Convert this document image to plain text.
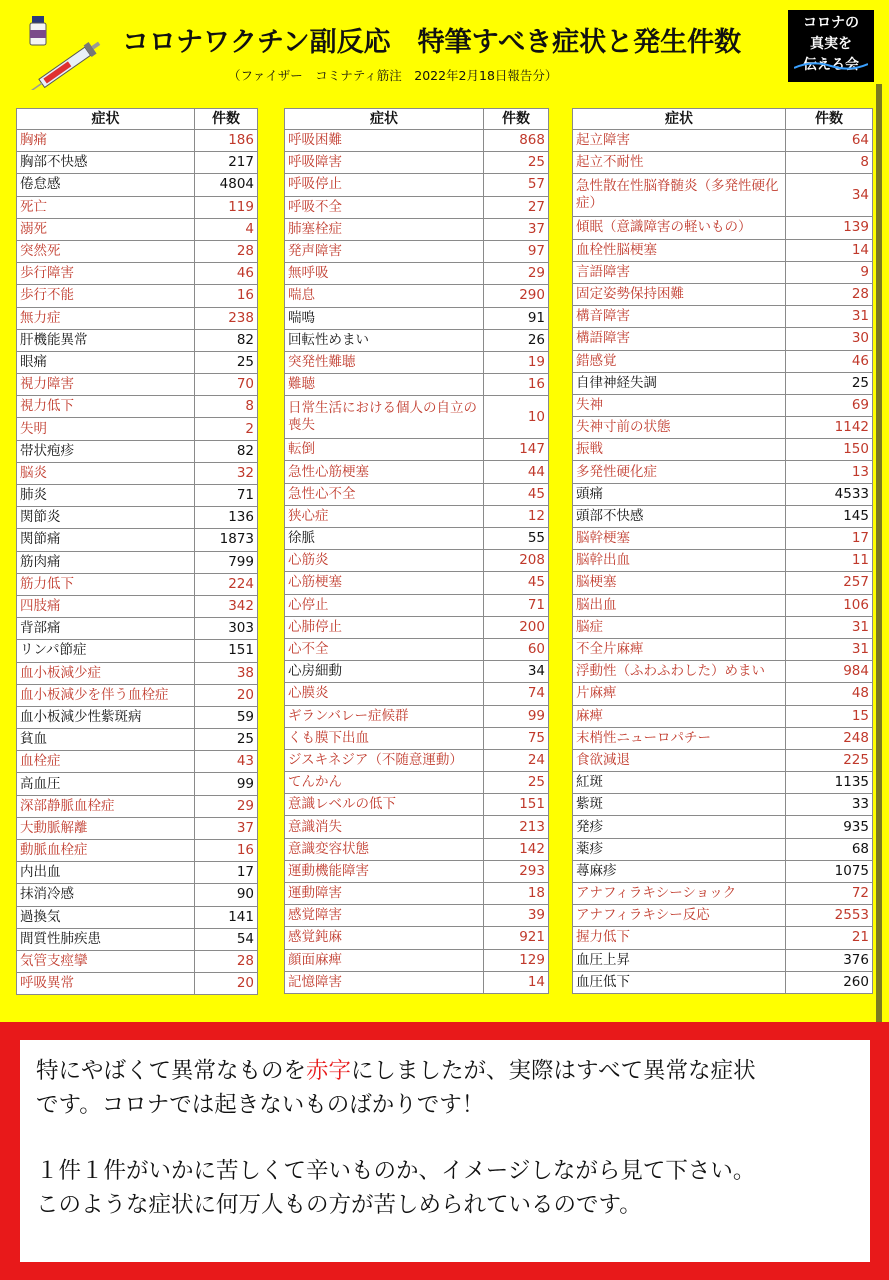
コロナワクチン副反応　特筆すべき症状と発生件数
（ファイザー　コミナティ筋注　2022年2月18日報告分）
コロナの
真実を
伝える会
症状	件数
胸痛	186
胸部不快感	217
倦怠感	4804
死亡	119
溺死	4
突然死	28
歩行障害	46
歩行不能	16
無力症	238
肝機能異常	82
眼痛	25
視力障害	70
視力低下	8
失明	2
帯状疱疹	82
脳炎	32
肺炎	71
関節炎	136
関節痛	1873
筋肉痛	799
筋力低下	224
四肢痛	342
背部痛	303
リンパ節症	151
血小板減少症	38
血小板減少を伴う血栓症	20
血小板減少性紫斑病	59
貧血	25
血栓症	43
高血圧	99
深部静脈血栓症	29
大動脈解離	37
動脈血栓症	16
内出血	17
抹消冷感	90
過換気	141
間質性肺疾患	54
気管支痙攣	28
呼吸異常	20
症状	件数
呼吸困難	868
呼吸障害	25
呼吸停止	57
呼吸不全	27
肺塞栓症	37
発声障害	97
無呼吸	29
喘息	290
喘鳴	91
回転性めまい	26
突発性難聴	19
難聴	16
日常生活における個人の自立の喪失	10
転倒	147
急性心筋梗塞	44
急性心不全	45
狭心症	12
徐脈	55
心筋炎	208
心筋梗塞	45
心停止	71
心肺停止	200
心不全	60
心房細動	34
心膜炎	74
ギランバレー症候群	99
くも膜下出血	75
ジスキネジア（不随意運動）	24
てんかん	25
意識レベルの低下	151
意識消失	213
意識変容状態	142
運動機能障害	293
運動障害	18
感覚障害	39
感覚鈍麻	921
顔面麻痺	129
記憶障害	14
症状	件数
起立障害	64
起立不耐性	8
急性散在性脳脊髄炎（多発性硬化症）	34
傾眠（意識障害の軽いもの）	139
血栓性脳梗塞	14
言語障害	9
固定姿勢保持困難	28
構音障害	31
構語障害	30
錯感覚	46
自律神経失調	25
失神	69
失神寸前の状態	1142
振戦	150
多発性硬化症	13
頭痛	4533
頭部不快感	145
脳幹梗塞	17
脳幹出血	11
脳梗塞	257
脳出血	106
脳症	31
不全片麻痺	31
浮動性（ふわふわした）めまい	984
片麻痺	48
麻痺	15
末梢性ニューロパチー	248
食欲減退	225
紅斑	1135
紫斑	33
発疹	935
薬疹	68
蕁麻疹	1075
アナフィラキシーショック	72
アナフィラキシー反応	2553
握力低下	21
血圧上昇	376
血圧低下	260

特にやばくて異常なものを赤字にしましたが、実際はすべて異常な症状

です。コロナでは起きないものばかりです！

１件１件がいかに苦しくて辛いものか、イメージしながら見て下さい。

このような症状に何万人もの方が苦しめられているのです。
